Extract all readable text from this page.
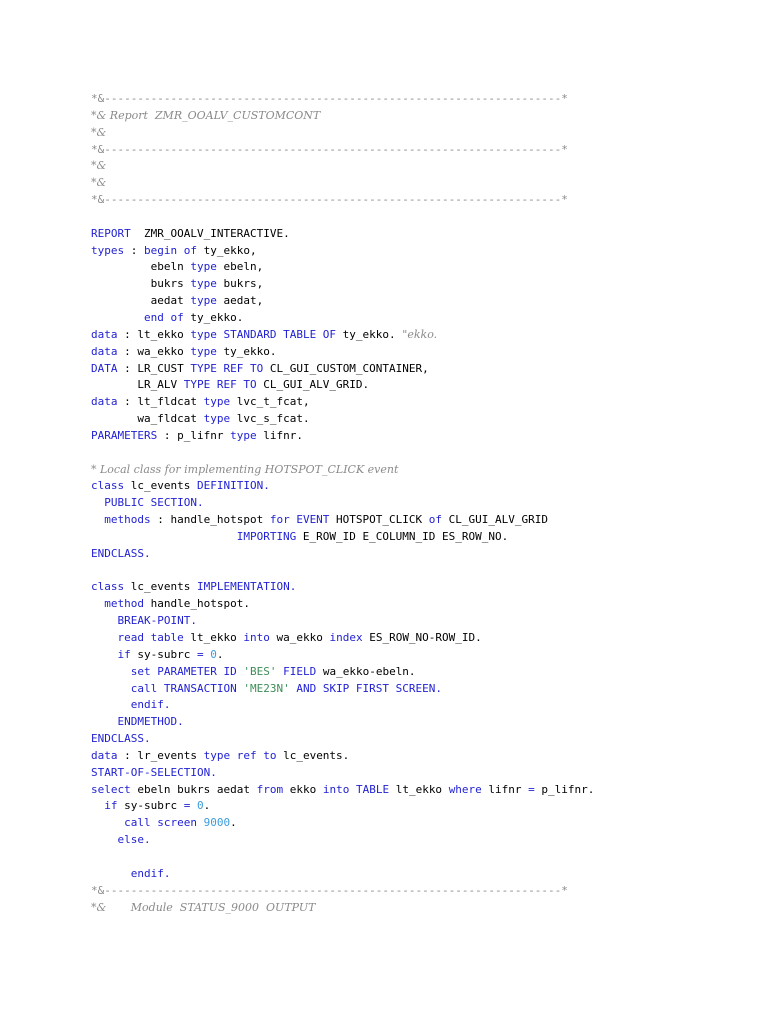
*&---------------------------------------------------------------------*
*& Report  ZMR_OOALV_CUSTOMCONT
*&
*&---------------------------------------------------------------------*
*&
*&
*&---------------------------------------------------------------------*

REPORT  ZMR_OOALV_INTERACTIVE.
types : begin of ty_ekko,
ebeln type ebeln,
bukrs type bukrs,
aedat type aedat,
end of ty_ekko.
data : lt_ekko type STANDARD TABLE OF ty_ekko. "ekko.
data : wa_ekko type ty_ekko.
DATA : LR_CUST TYPE REF TO CL_GUI_CUSTOM_CONTAINER,
LR_ALV TYPE REF TO CL_GUI_ALV_GRID.
data : lt_fldcat type lvc_t_fcat,
wa_fldcat type lvc_s_fcat.
PARAMETERS : p_lifnr type lifnr.

* Local class for implementing HOTSPOT_CLICK event
class lc_events DEFINITION.
PUBLIC SECTION.
methods : handle_hotspot for EVENT HOTSPOT_CLICK of CL_GUI_ALV_GRID
IMPORTING E_ROW_ID E_COLUMN_ID ES_ROW_NO.
ENDCLASS.

class lc_events IMPLEMENTATION.
method handle_hotspot.
BREAK-POINT.
read table lt_ekko into wa_ekko index ES_ROW_NO-ROW_ID.
if sy-subrc = 0.
set PARAMETER ID 'BES' FIELD wa_ekko-ebeln.
call TRANSACTION 'ME23N' AND SKIP FIRST SCREEN.
endif.
ENDMETHOD.
ENDCLASS.
data : lr_events type ref to lc_events.
START-OF-SELECTION.
select ebeln bukrs aedat from ekko into TABLE lt_ekko where lifnr = p_lifnr.
if sy-subrc = 0.
call screen 9000.
else.

endif.
*&---------------------------------------------------------------------*
*&       Module  STATUS_9000  OUTPUT
